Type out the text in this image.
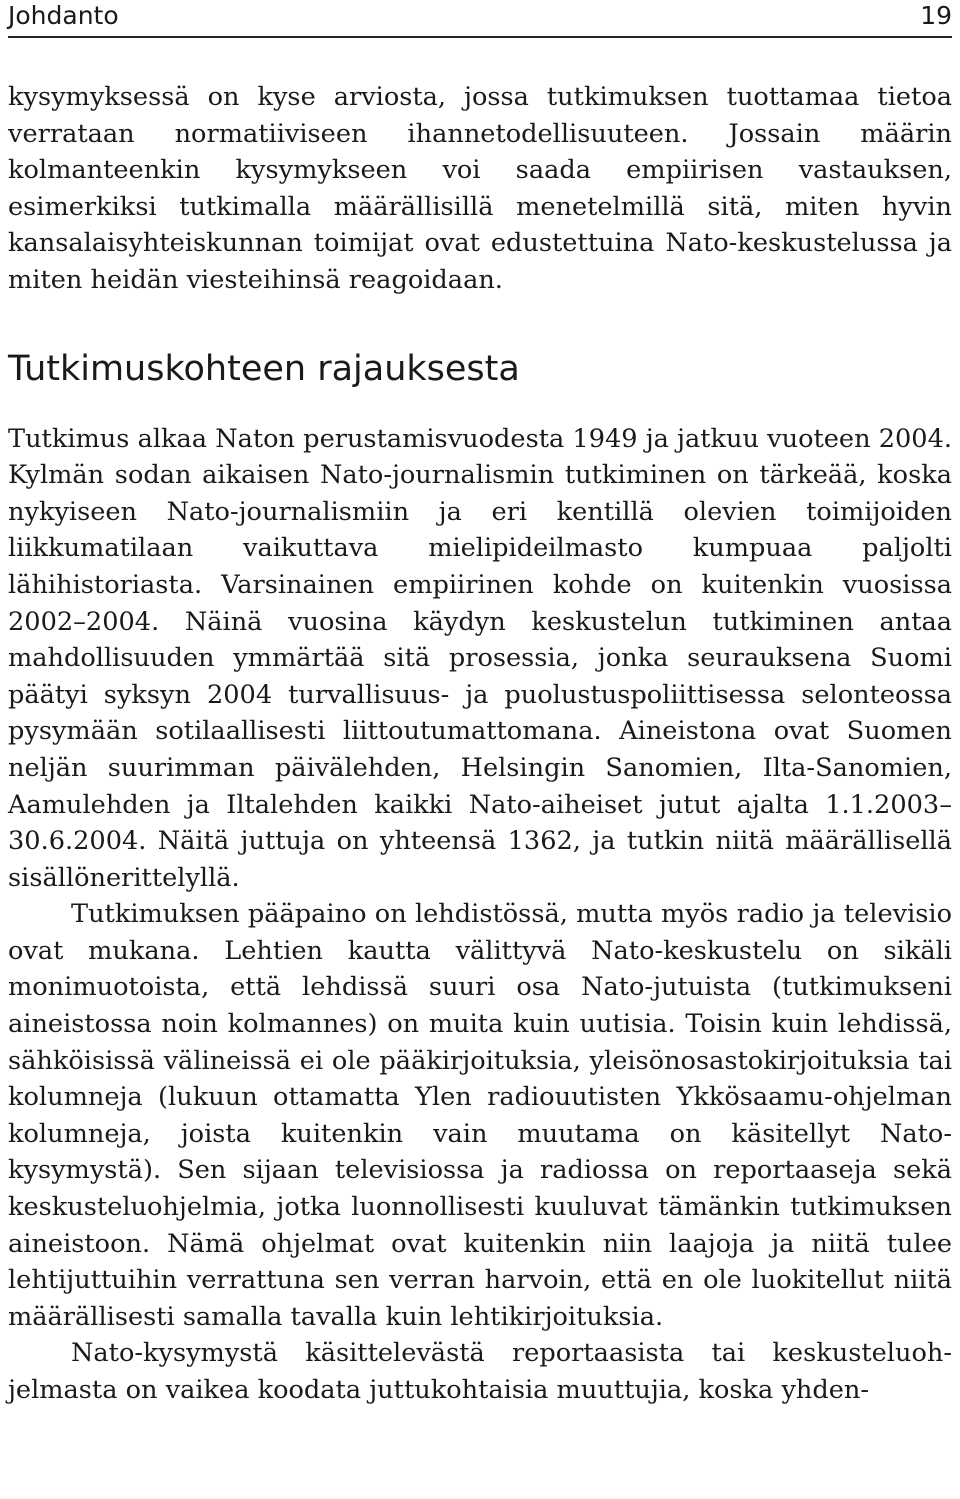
Johdanto	19

kysymyksessä on kyse arviosta, jossa tutkimuksen tuottamaa tietoa verrataan normatiiviseen ihannetodellisuuteen. Jossain määrin kolmanteenkin kysymykseen voi saada empiirisen vastauksen, esimerkiksi tutkimalla määrällisillä menetelmillä sitä, miten hyvin kansalaisyhteiskunnan toimijat ovat edustettuina Nato-keskustelussa ja miten heidän viesteihinsä reagoidaan.

Tutkimuskohteen rajauksesta

Tutkimus alkaa Naton perustamisvuodesta 1949 ja jatkuu vuoteen 2004. Kylmän sodan aikaisen Nato-journalismin tutkiminen on tärkeää, koska nykyiseen Nato-journalismiin ja eri kentillä olevien toimijoiden liikkumatilaan vaikuttava mielipideilmasto kumpuaa paljolti lähihistoriasta. Varsinainen empiirinen kohde on kuitenkin vuosissa 2002–2004. Näinä vuosina käydyn keskustelun tutkiminen antaa mahdollisuuden ymmärtää sitä prosessia, jonka seurauksena Suomi päätyi syksyn 2004 turvallisuus- ja puolustuspoliittisessa selonteossa pysymään sotilaallisesti liittoutumattomana. Aineistona ovat Suomen neljän suurimman päivälehden, Helsingin Sanomien, Ilta-Sanomien, Aamulehden ja Iltalehden kaikki Nato-aiheiset jutut ajalta 1.1.2003–30.6.2004. Näitä juttuja on yhteensä 1362, ja tutkin niitä määrällisellä sisällönerittelyllä.

Tutkimuksen pääpaino on lehdistössä, mutta myös radio ja televisio ovat mukana. Lehtien kautta välittyvä Nato-keskustelu on sikäli monimuotoista, että lehdissä suuri osa Nato-jutuista (tutkimukseni aineistossa noin kolmannes) on muita kuin uutisia. Toisin kuin lehdissä, sähköisissä välineissä ei ole pääkirjoituksia, yleisönosastokirjoituksia tai kolumneja (lukuun ottamatta Ylen radiouutisten Ykkösaamu-ohjelman kolumneja, joista kuitenkin vain muutama on käsitellyt Nato-kysymystä). Sen sijaan televisiossa ja radiossa on reportaaseja sekä keskusteluohjelmia, jotka luonnollisesti kuuluvat tämänkin tutkimuksen aineistoon. Nämä ohjelmat ovat kuitenkin niin laajoja ja niitä tulee lehtijuttuihin verrattuna sen verran harvoin, että en ole luokitellut niitä määrällisesti samalla tavalla kuin lehtikirjoituksia.

Nato-kysymystä käsittelevästä reportaasista tai keskusteluohjelmasta on vaikea koodata juttukohtaisia muuttujia, koska yhden-
